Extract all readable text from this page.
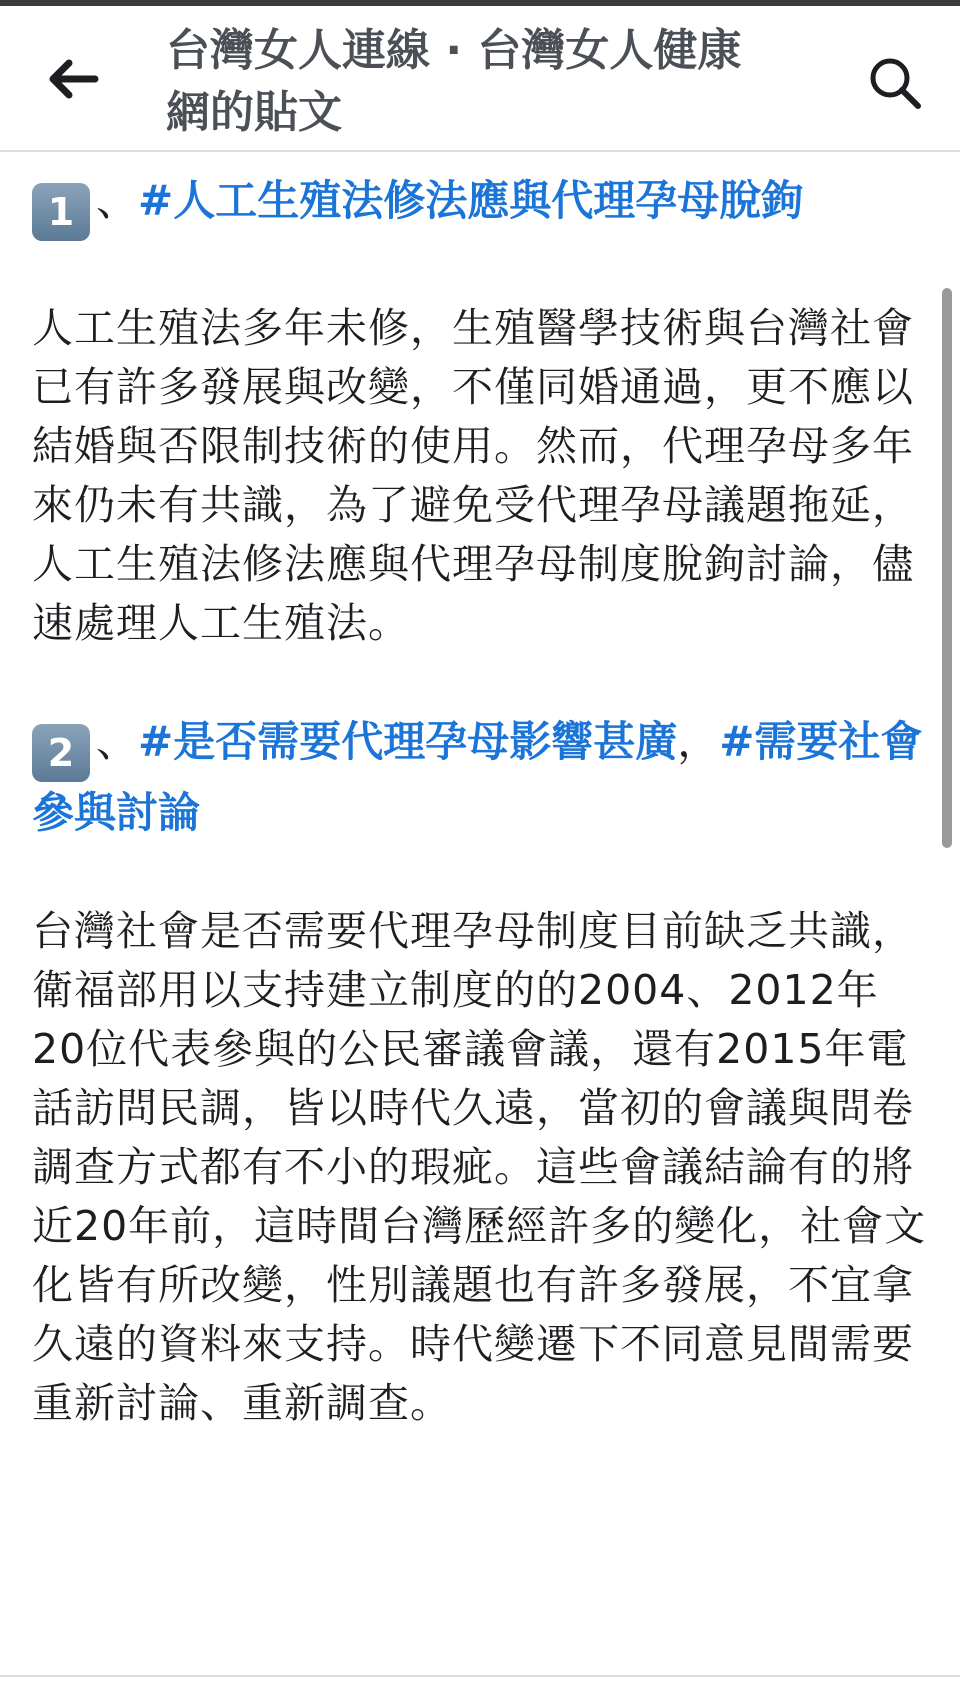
台灣女人連線 · 台灣女人健康網的貼文
1 、#人工生殖法修法應與代理孕母脫鉤

人工生殖法多年未修，生殖醫學技術與台灣社會已有許多發展與改變，不僅同婚通過，更不應以結婚與否限制技術的使用。然而，代理孕母多年來仍未有共識，為了避免受代理孕母議題拖延，人工生殖法修法應與代理孕母制度脫鉤討論，儘速處理人工生殖法。

2 、#是否需要代理孕母影響甚廣，#需要社會參與討論

台灣社會是否需要代理孕母制度目前缺乏共識，衛福部用以支持建立制度的的2004、2012年20位代表參與的公民審議會議，還有2015年電話訪問民調，皆以時代久遠，當初的會議與問卷調查方式都有不小的瑕疵。這些會議結論有的將近20年前，這時間台灣歷經許多的變化，社會文化皆有所改變，性別議題也有許多發展，不宜拿久遠的資料來支持。時代變遷下不同意見間需要重新討論、重新調查。
